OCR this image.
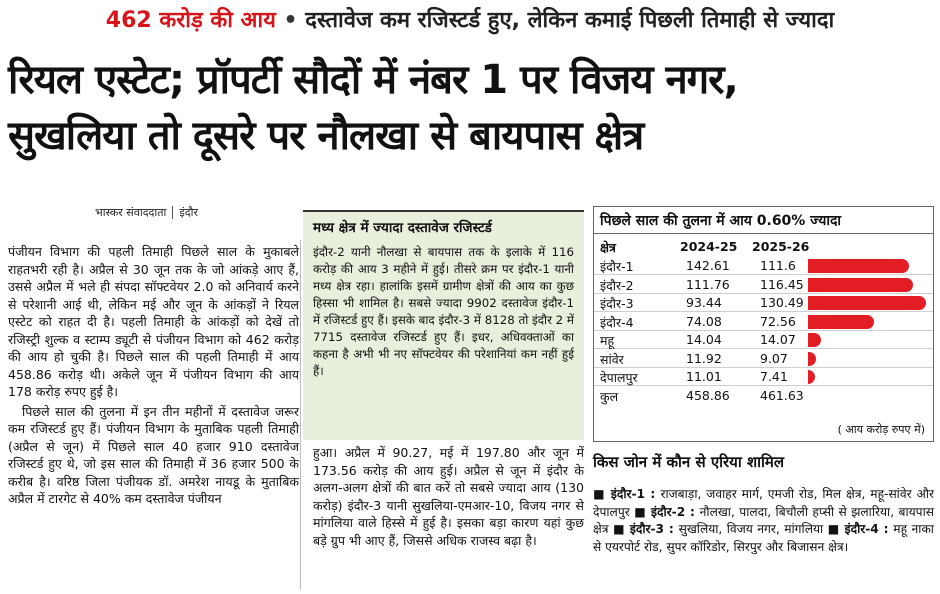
462 करोड़ की आय • दस्तावेज कम रजिस्टर्ड हुए, लेकिन कमाई पिछली तिमाही से ज्यादा
रियल एस्टेट; प्रॉपर्टी सौदों में नंबर 1 पर विजय नगर,
सुखलिया तो दूसरे पर नौलखा से बायपास क्षेत्र
भास्कर संवाददाता इंदौर

पंजीयन विभाग की पहली तिमाही पिछले साल के मुकाबले राहतभरी रही है। अप्रैल से 30 जून तक के जो आंकड़े आए हैं, उससे अप्रैल में भले ही संपदा सॉफ्टवेयर 2.0 को अनिवार्य करने से परेशानी आई थी, लेकिन मई और जून के आंकड़ों ने रियल एस्टेट को राहत दी है। पहली तिमाही के आंकड़ों को देखें तो रजिस्ट्री शुल्क व स्टाम्प ड्यूटी से पंजीयन विभाग को 462 करोड़ की आय हो चुकी है। पिछले साल की पहली तिमाही में आय 458.86 करोड़ थी। अकेले जून में पंजीयन विभाग की आय 178 करोड़ रुपए हुई है।

पिछले साल की तुलना में इन तीन महीनों में दस्तावेज जरूर कम रजिस्टर्ड हुए हैं। पंजीयन विभाग के मुताबिक पहली तिमाही (अप्रैल से जून) में पिछले साल 40 हजार 910 दस्तावेज रजिस्टर्ड हुए थे, जो इस साल की तिमाही में 36 हजार 500 के करीब है। वरिष्ठ जिला पंजीयक डॉ. अमरेश नायडू के मुताबिक अप्रैल में टारगेट से 40% कम दस्तावेज पंजीयन

मध्य क्षेत्र में ज्यादा दस्तावेज रजिस्टर्ड
इंदौर-2 यानी नौलखा से बायपास तक के इलाके में 116 करोड़ की आय 3 महीने में हुई। तीसरे क्रम पर इंदौर-1 यानी मध्य क्षेत्र रहा। हालांकि इसमें ग्रामीण क्षेत्रों की आय का कुछ हिस्सा भी शामिल है। सबसे ज्यादा 9902 दस्तावेज इंदौर-1 में रजिस्टर्ड हुए हैं। इसके बाद इंदौर-3 में 8128 तो इंदौर 2 में 7715 दस्तावेज रजिस्टर्ड हुए हैं। इधर, अधिवक्ताओं का कहना है अभी भी नए सॉफ्टवेयर की परेशानियां कम नहीं हुई हैं।
हुआ। अप्रैल में 90.27, मई में 197.80 और जून में 173.56 करोड़ की आय हुई। अप्रैल से जून में इंदौर के अलग-अलग क्षेत्रों की बात करें तो सबसे ज्यादा आय (130 करोड़) इंदौर-3 यानी सुखलिया-एमआर-10, विजय नगर से मांगलिया वाले हिस्से में हुई है। इसका बड़ा कारण यहां कुछ बड़े ग्रुप भी आए हैं, जिससे अधिक राजस्व बढ़ा है।
पिछले साल की तुलना में आय 0.60% ज्यादा
क्षेत्र	2024-25 2025-26
इंदौर-1	142.61 111.6
इंदौर-2	111.76 116.45
इंदौर-3	93.44	130.49
इंदौर-4	74.08	72.56
महू	14.04	14.07
सांवेर	11.92	9.07
देपालपुर	11.01	7.41
कुल	458.86 461.63
( आय करोड़ रुपए में)
किस जोन में कौन से एरिया शामिल
■ इंदौर-1 : राजबाड़ा, जवाहर मार्ग, एमजी रोड, मिल क्षेत्र, महू-सांवेर और देपालपुर ■ इंदौर-2 : नौलखा, पालदा, बिचौली हप्सी से झलारिया, बायपास क्षेत्र ■ इंदौर-3 : सुखलिया, विजय नगर, मांगलिया ■ इंदौर-4 : महू नाका से एयरपोर्ट रोड, सुपर कॉरिडोर, सिरपुर और बिजासन क्षेत्र।
